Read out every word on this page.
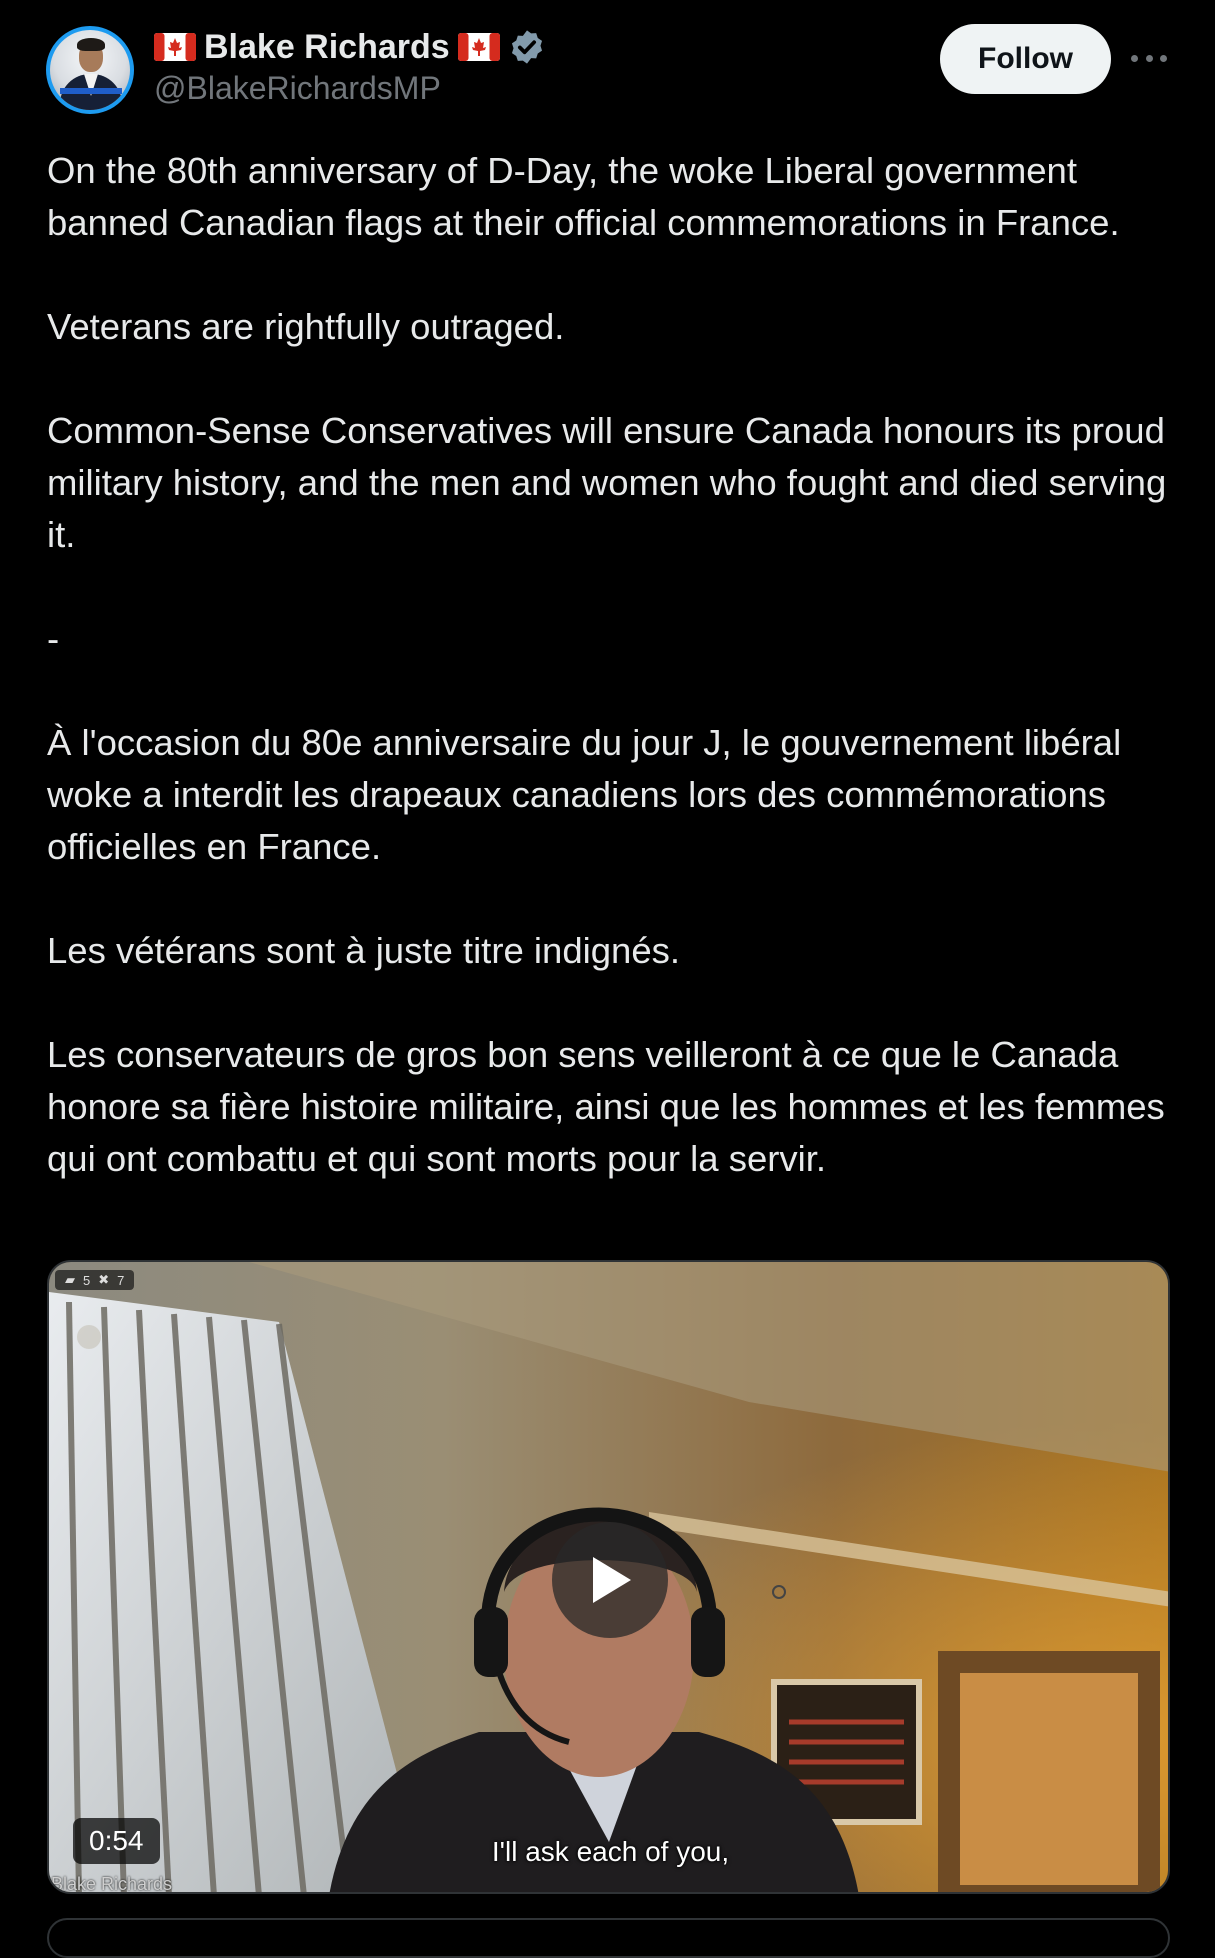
Blake Richards
@BlakeRichardsMP
Follow

On the 80th anniversary of D-Day, the woke Liberal government banned Canadian flags at their official commemorations in France.

Veterans are rightfully outraged.

Common-Sense Conservatives will ensure Canada honours its proud military history, and the men and women who fought and died serving it.

-

À l'occasion du 80e anniversaire du jour J, le gouvernement libéral woke a interdit les drapeaux canadiens lors des commémorations officielles en France.

Les vétérans sont à juste titre indignés.

Les conservateurs de gros bon sens veilleront à ce que le Canada honore sa fière histoire militaire, ainsi que les hommes et les femmes qui ont combattu et qui sont morts pour la servir.

▰ 5 ✖ 7
0:54	I'll ask each of you,
Blake Richards
